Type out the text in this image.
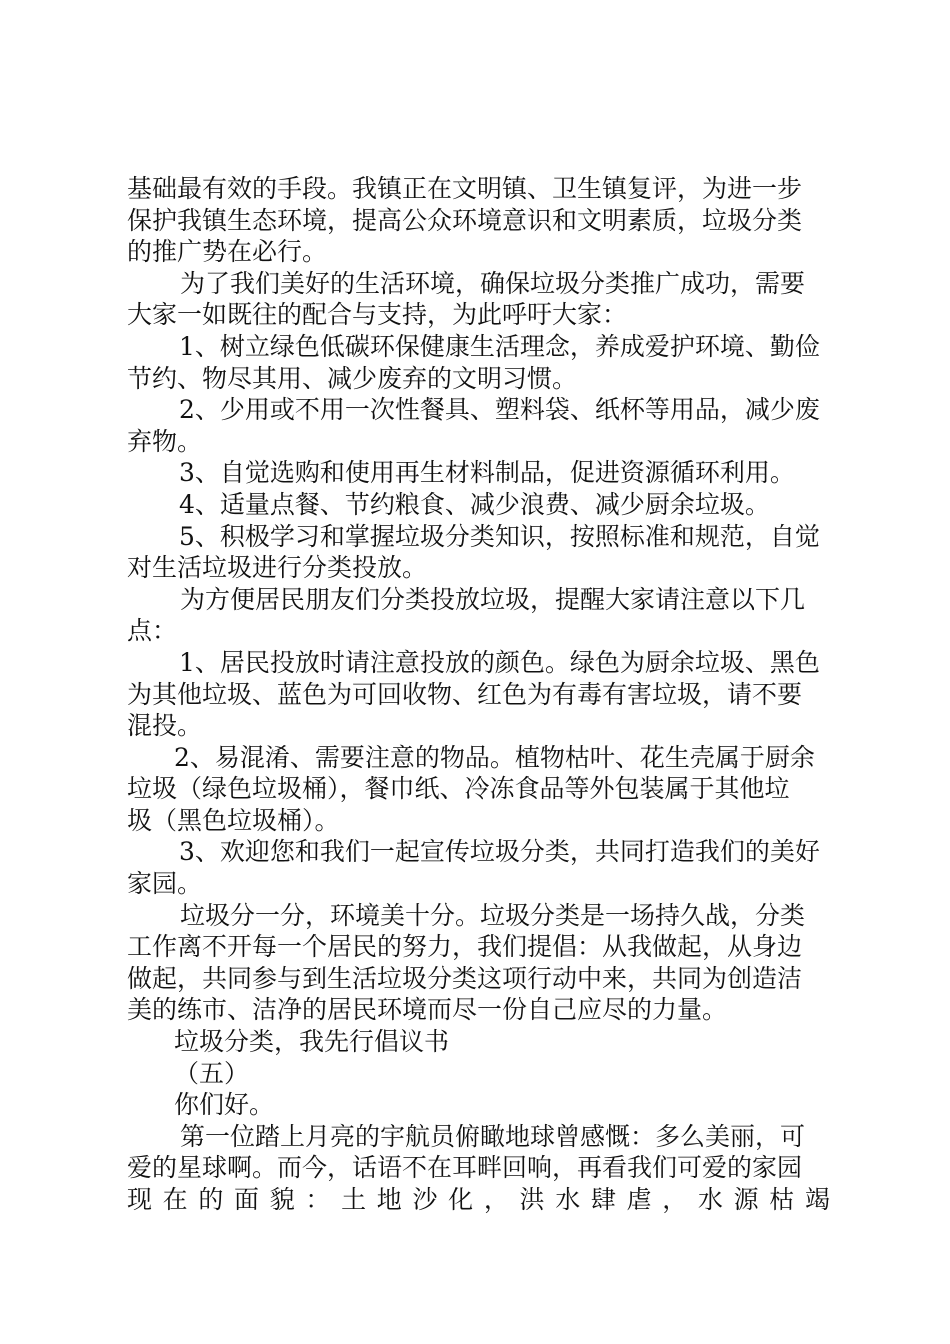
基础最有效的手段。我镇正在文明镇、卫生镇复评，为进一步
保护我镇生态环境，提高公众环境意识和文明素质，垃圾分类
的推广势在必行。
为了我们美好的生活环境，确保垃圾分类推广成功，需要
大家一如既往的配合与支持，为此呼吁大家：
1、树立绿色低碳环保健康生活理念，养成爱护环境、勤俭
节约、物尽其用、减少废弃的文明习惯。
2、少用或不用一次性餐具、塑料袋、纸杯等用品，减少废
弃物。
3、自觉选购和使用再生材料制品，促进资源循环利用。
4、适量点餐、节约粮食、减少浪费、减少厨余垃圾。
5、积极学习和掌握垃圾分类知识，按照标准和规范，自觉
对生活垃圾进行分类投放。
为方便居民朋友们分类投放垃圾，提醒大家请注意以下几
点：
1、居民投放时请注意投放的颜色。绿色为厨余垃圾、黑色
为其他垃圾、蓝色为可回收物、红色为有毒有害垃圾，请不要
混投。
2、易混淆、需要注意的物品。植物枯叶、花生壳属于厨余
垃圾（绿色垃圾桶），餐巾纸、冷冻食品等外包装属于其他垃
圾（黑色垃圾桶）。
3、欢迎您和我们一起宣传垃圾分类，共同打造我们的美好
家园。
垃圾分一分，环境美十分。垃圾分类是一场持久战，分类
工作离不开每一个居民的努力，我们提倡：从我做起，从身边
做起，共同参与到生活垃圾分类这项行动中来，共同为创造洁
美的练市、洁净的居民环境而尽一份自己应尽的力量。
垃圾分类，我先行倡议书
（五）
你们好。
第一位踏上月亮的宇航员俯瞰地球曾感慨：多么美丽，可
爱的星球啊。而今，话语不在耳畔回响，再看我们可爱的家园
现在的面貌：土地沙化，洪水肆虐，水源枯竭
